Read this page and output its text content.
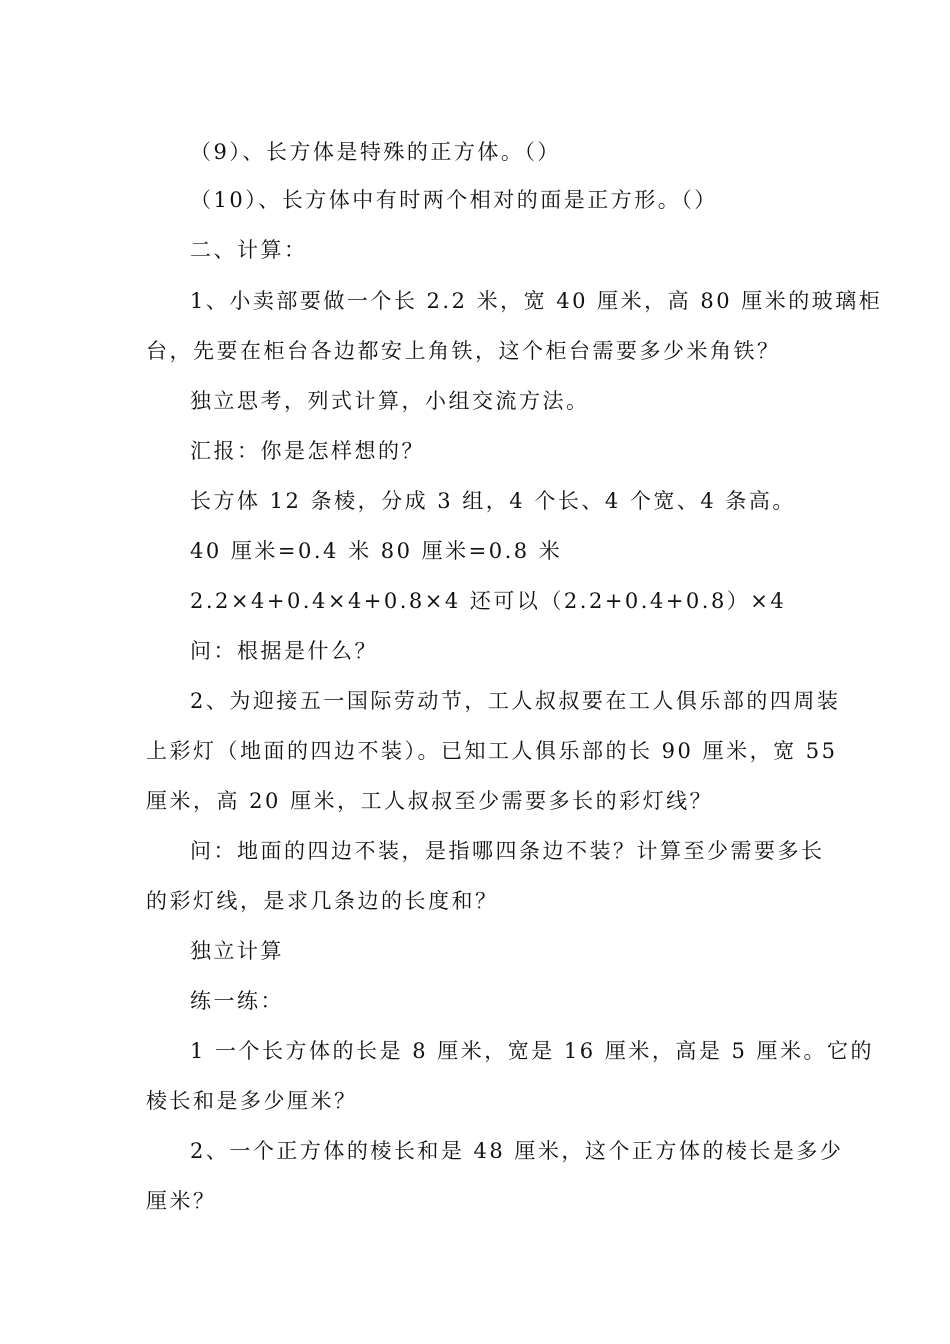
（9）、长方体是特殊的正方体。（）
（10）、长方体中有时两个相对的面是正方形。（）
二、计算：
1、小卖部要做一个长 2.2 米，宽 40 厘米，高 80 厘米的玻璃柜
台，先要在柜台各边都安上角铁，这个柜台需要多少米角铁？
独立思考，列式计算，小组交流方法。
汇报：你是怎样想的？
长方体 12 条棱，分成 3 组，4 个长、4 个宽、4 条高。
40 厘米=0.4 米 80 厘米=0.8 米
2.2×4+0.4×4+0.8×4 还可以（2.2+0.4+0.8）×4
问：根据是什么？
2、为迎接五一国际劳动节，工人叔叔要在工人俱乐部的四周装
上彩灯（地面的四边不装）。已知工人俱乐部的长 90 厘米，宽 55
厘米，高 20 厘米，工人叔叔至少需要多长的彩灯线？
问：地面的四边不装，是指哪四条边不装？计算至少需要多长
的彩灯线，是求几条边的长度和？
独立计算
练一练：
1 一个长方体的长是 8 厘米，宽是 16 厘米，高是 5 厘米。它的
棱长和是多少厘米？
2、一个正方体的棱长和是 48 厘米，这个正方体的棱长是多少
厘米？
